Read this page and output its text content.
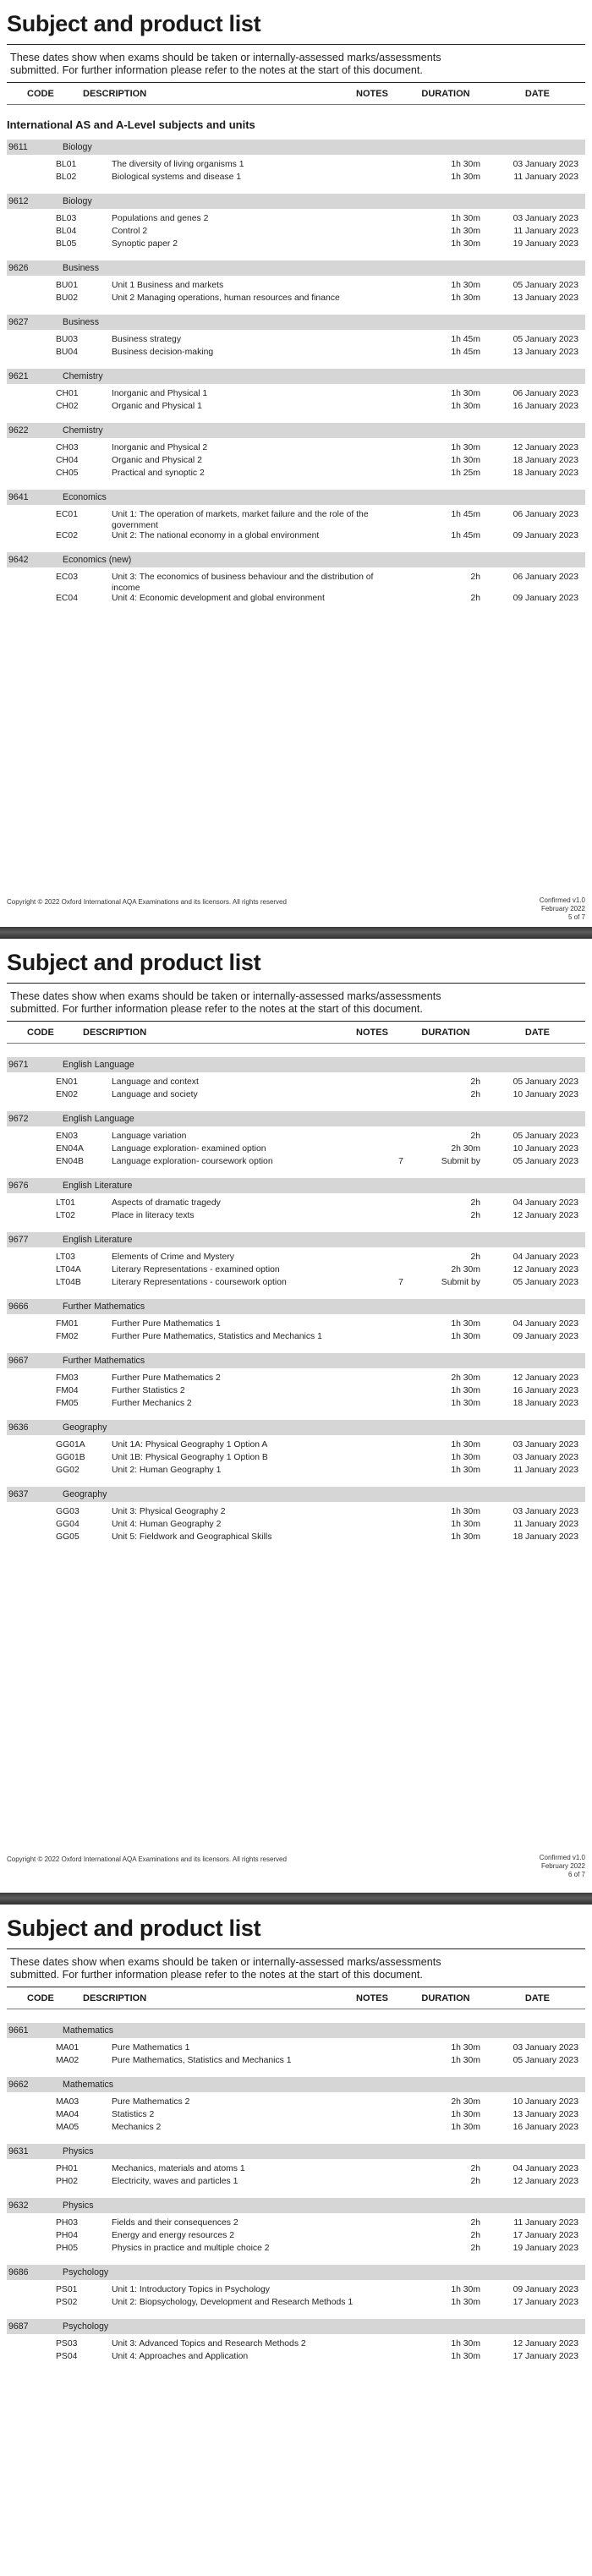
Subject and product list
These dates show when exams should be taken or internally-assessed marks/assessments
submitted. For further information please refer to the notes at the start of this document.
CODE	DESCRIPTION	NOTES	DURATION	DATE
International AS and A-Level subjects and units
9611	Biology
BL01	The diversity of living organisms 1	1h 30m	03 January 2023
BL02	Biological systems and disease 1	1h 30m	11 January 2023
9612	Biology
BL03	Populations and genes 2	1h 30m	03 January 2023
BL04	Control 2	1h 30m	11 January 2023
BL05	Synoptic paper 2	1h 30m	19 January 2023
9626	Business
BU01	Unit 1 Business and markets	1h 30m	05 January 2023
BU02	Unit 2 Managing operations, human resources and finance	1h 30m	13 January 2023
9627	Business
BU03	Business strategy	1h 45m	05 January 2023
BU04	Business decision-making	1h 45m	13 January 2023
9621	Chemistry
CH01	Inorganic and Physical 1	1h 30m	06 January 2023
CH02	Organic and Physical 1	1h 30m	16 January 2023
9622	Chemistry
CH03	Inorganic and Physical 2	1h 30m	12 January 2023
CH04	Organic and Physical 2	1h 30m	18 January 2023
CH05	Practical and synoptic 2	1h 25m	18 January 2023
9641	Economics
EC01	Unit 1: The operation of markets, market failure and the role of the government
1h 45m	06 January 2023
EC02	Unit 2: The national economy in a global environment	1h 45m	09 January 2023
9642	Economics (new)
EC03	Unit 3: The economics of business behaviour and the distribution of income
2h	06 January 2023
EC04	Unit 4: Economic development and global environment	2h	09 January 2023
Copyright © 2022 Oxford International AQA Examinations and its licensors. All rights reserved	Confirmed v1.0
February 2022
5 of 7
Subject and product list
These dates show when exams should be taken or internally-assessed marks/assessments
submitted. For further information please refer to the notes at the start of this document.
CODE	DESCRIPTION	NOTES	DURATION	DATE
9671	English Language
EN01	Language and context	2h	05 January 2023
EN02	Language and society	2h	10 January 2023
9672	English Language
EN03	Language variation	2h	05 January 2023
EN04A	Language exploration- examined option	2h 30m	10 January 2023
EN04B	Language exploration- coursework option	7	Submit by	05 January 2023
9676	English Literature
LT01	Aspects of dramatic tragedy	2h	04 January 2023
LT02	Place in literacy texts	2h	12 January 2023
9677	English Literature
LT03	Elements of Crime and Mystery	2h	04 January 2023
LT04A	Literary Representations - examined option	2h 30m	12 January 2023
LT04B	Literary Representations - coursework option	7	Submit by	05 January 2023
9666	Further Mathematics
FM01	Further Pure Mathematics 1	1h 30m	04 January 2023
FM02	Further Pure Mathematics, Statistics and Mechanics 1	1h 30m	09 January 2023
9667	Further Mathematics
FM03	Further Pure Mathematics 2	2h 30m	12 January 2023
FM04	Further Statistics 2	1h 30m	16 January 2023
FM05	Further Mechanics 2	1h 30m	18 January 2023
9636	Geography
GG01A	Unit 1A: Physical Geography 1 Option A	1h 30m	03 January 2023
GG01B	Unit 1B: Physical Geography 1 Option B	1h 30m	03 January 2023
GG02	Unit 2: Human Geography 1	1h 30m	11 January 2023
9637	Geography
GG03	Unit 3: Physical Geography 2	1h 30m	03 January 2023
GG04	Unit 4: Human Geography 2	1h 30m	11 January 2023
GG05	Unit 5: Fieldwork and Geographical Skills	1h 30m	18 January 2023
Copyright © 2022 Oxford International AQA Examinations and its licensors. All rights reserved	Confirmed v1.0
February 2022
6 of 7
Subject and product list
These dates show when exams should be taken or internally-assessed marks/assessments
submitted. For further information please refer to the notes at the start of this document.
CODE	DESCRIPTION	NOTES	DURATION	DATE
9661	Mathematics
MA01	Pure Mathematics 1	1h 30m	03 January 2023
MA02	Pure Mathematics, Statistics and Mechanics 1	1h 30m	05 January 2023
9662	Mathematics
MA03	Pure Mathematics 2	2h 30m	10 January 2023
MA04	Statistics 2	1h 30m	13 January 2023
MA05	Mechanics 2	1h 30m	16 January 2023
9631	Physics
PH01	Mechanics, materials and atoms 1	2h	04 January 2023
PH02	Electricity, waves and particles 1	2h	12 January 2023
9632	Physics
PH03	Fields and their consequences 2	2h	11 January 2023
PH04	Energy and energy resources 2	2h	17 January 2023
PH05	Physics in practice and multiple choice 2	2h	19 January 2023
9686	Psychology
PS01	Unit 1: Introductory Topics in Psychology	1h 30m	09 January 2023
PS02	Unit 2: Biopsychology, Development and Research Methods 1	1h 30m	17 January 2023
9687	Psychology
PS03	Unit 3: Advanced Topics and Research Methods 2	1h 30m	12 January 2023
PS04	Unit 4: Approaches and Application	1h 30m	17 January 2023
